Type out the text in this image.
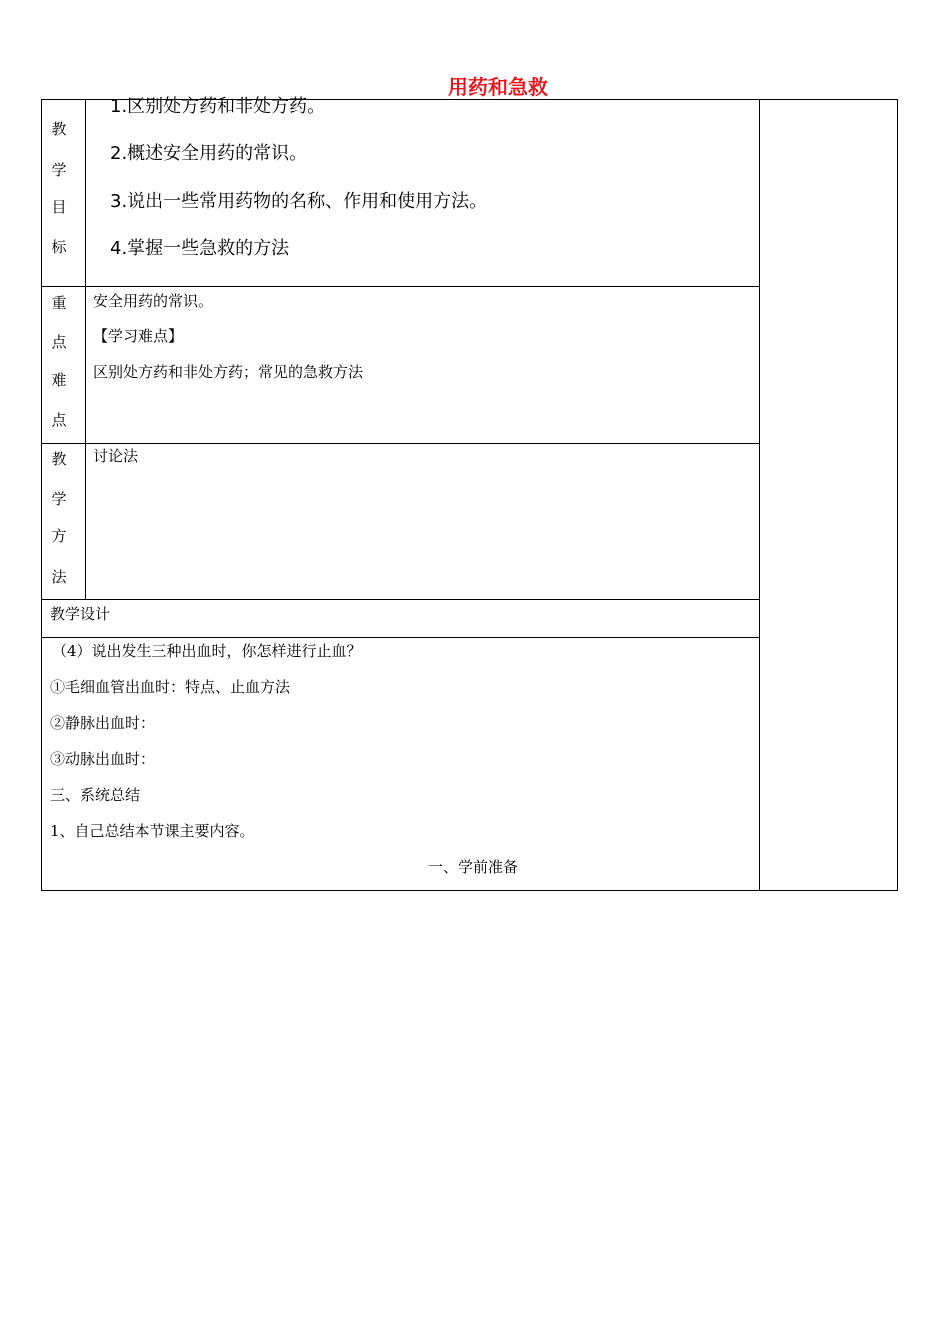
用药和急救
教
学
目
标
1.区别处方药和非处方药。
2.概述安全用药的常识。
3.说出一些常用药物的名称、作用和使用方法。
4.掌握一些急救的方法
重
点
难
点
安全用药的常识。
【学习难点】
区别处方药和非处方药；常见的急救方法
教
学
方
法
讨论法
教学设计
（4）说出发生三种出血时，你怎样进行止血？
①毛细血管出血时：特点、止血方法
②静脉出血时：
③动脉出血时：
三、系统总结
1、自己总结本节课主要内容。
一、学前准备
